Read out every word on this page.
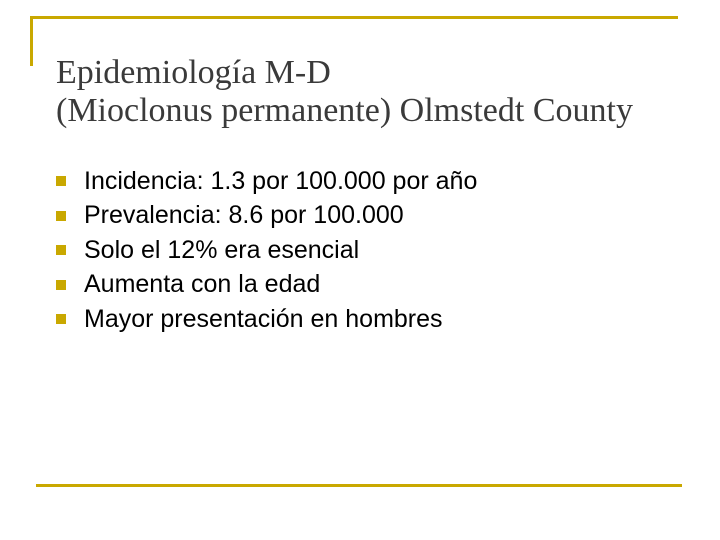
Epidemiología M-D
(Mioclonus permanente) Olmstedt County
Incidencia: 1.3 por 100.000 por año
Prevalencia: 8.6 por 100.000
Solo el 12% era esencial
Aumenta con la edad
Mayor presentación en hombres
